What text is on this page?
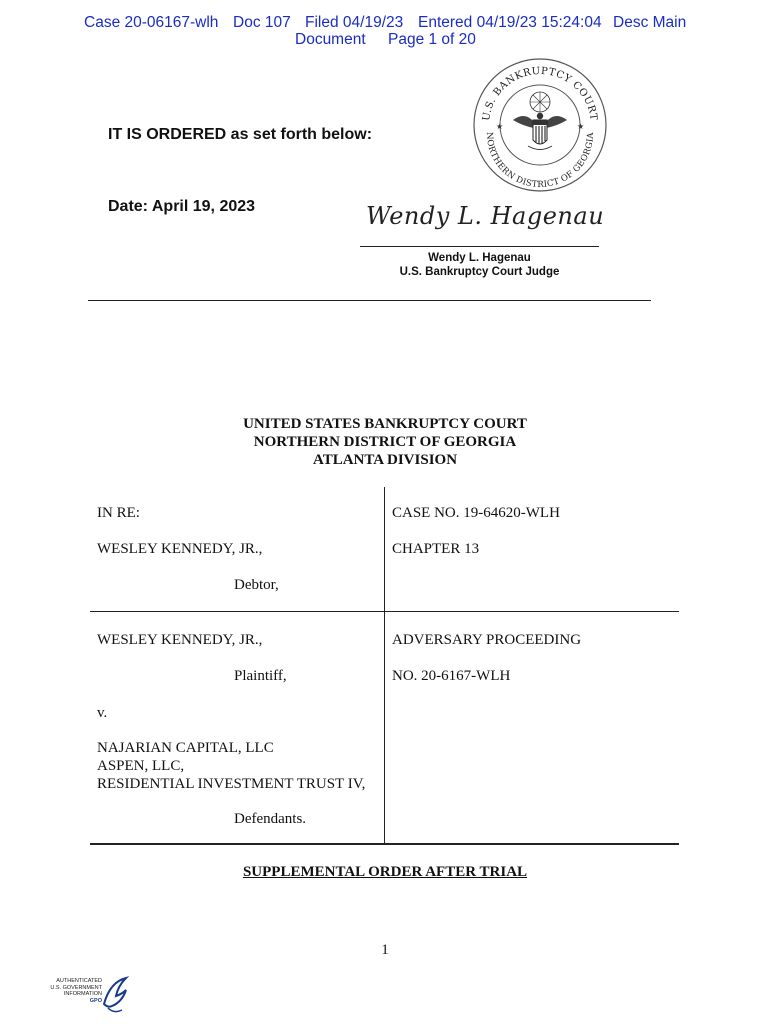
Case 20-06167-wlh Doc 107 Filed 04/19/23 Entered 04/19/23 15:24:04 Desc Main
Document Page 1 of 20
U.S. BANKRUPTCY COURT
NORTHERN DISTRICT OF GEORGIA
★	★
IT IS ORDERED as set forth below:
Date: April 19, 2023	Wendy L. Hagenau
Wendy L. Hagenau
U.S. Bankruptcy Court Judge
UNITED STATES BANKRUPTCY COURT
NORTHERN DISTRICT OF GEORGIA
ATLANTA DIVISION
IN RE:
WESLEY KENNEDY, JR.,
Debtor,
WESLEY KENNEDY, JR.,
Plaintiff,
v.
NAJARIAN CAPITAL, LLC
ASPEN, LLC,
RESIDENTIAL INVESTMENT TRUST IV,
Defendants.
CASE NO. 19-64620-WLH
CHAPTER 13
ADVERSARY PROCEEDING
NO. 20-6167-WLH
SUPPLEMENTAL ORDER AFTER TRIAL
1
AUTHENTICATED
U.S. GOVERNMENT
INFORMATION
GPO
